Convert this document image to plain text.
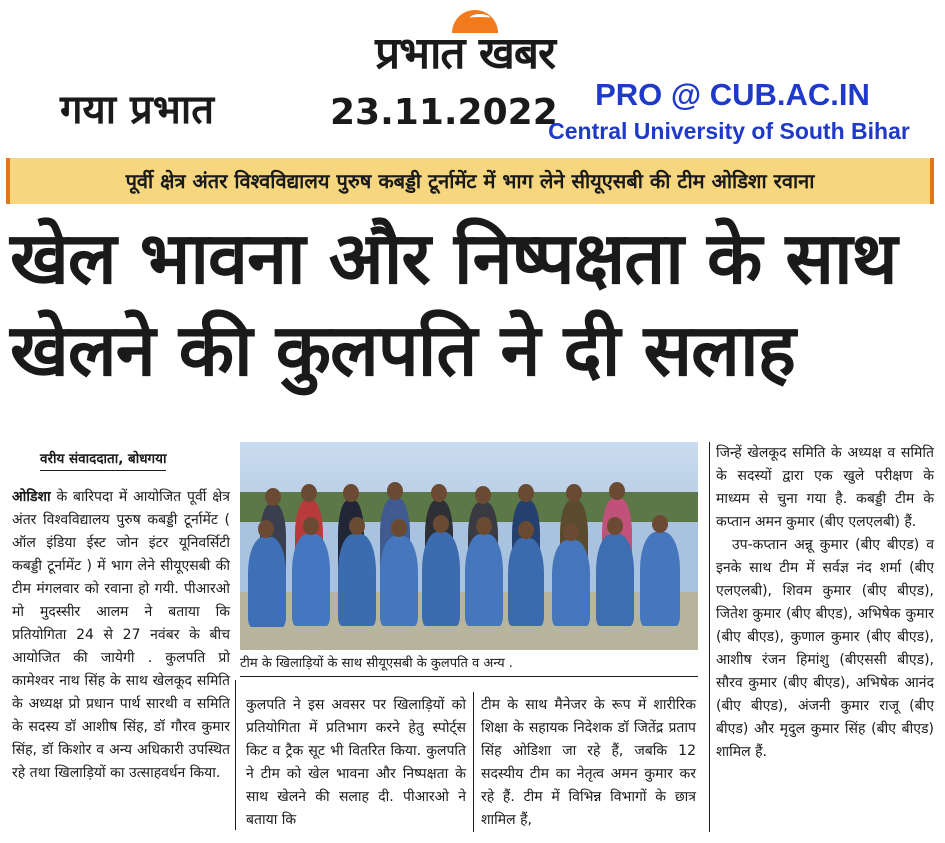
प्रभात खबर
गया प्रभात	23.11.2022	PRO @ CUB.AC.IN
Central University of South Bihar
पूर्वी क्षेत्र अंतर विश्वविद्यालय पुरुष कबड्डी टूर्नामेंट में भाग लेने सीयूएसबी की टीम ओडिशा रवाना
खेल भावना और निष्पक्षता के साथ
खेलने की कुलपति ने दी सलाह
वरीय संवाददाता, बोधगया

ओडिशा के बारिपदा में आयोजित पूर्वी क्षेत्र अंतर विश्वविद्यालय पुरुष कबड्डी टूर्नामेंट ( ऑल इंडिया ईस्ट जोन इंटर यूनिवर्सिटी कबड्डी टूर्नामेंट ) में भाग लेने सीयूएसबी की टीम मंगलवार को रवाना हो गयी. पीआरओ मो मुदस्सीर आलम ने बताया कि प्रतियोगिता 24 से 27 नवंबर के बीच आयोजित की जायेगी . कुलपति प्रो कामेश्वर नाथ सिंह के साथ खेलकूद समिति के अध्यक्ष प्रो प्रधान पार्थ सारथी व समिति के सदस्य डॉ आशीष सिंह, डॉ गौरव कुमार सिंह, डॉ किशोर व अन्य अधिकारी उपस्थित रहे तथा खिलाड़ियों का उत्साहवर्धन किया.

टीम के खिलाड़ियों के साथ सीयूएसबी के कुलपति व अन्य .

कुलपति ने इस अवसर पर खिलाड़ियों को प्रतियोगिता में प्रतिभाग करने हेतु स्पोर्ट्स किट व ट्रैक सूट भी वितरित किया. कुलपति ने टीम को खेल भावना और निष्पक्षता के साथ खेलने की सलाह दी. पीआरओ ने बताया कि

टीम के साथ मैनेजर के रूप में शारीरिक शिक्षा के सहायक निदेशक डॉ जितेंद्र प्रताप सिंह ओडिशा जा रहे हैं, जबकि 12 सदस्यीय टीम का नेतृत्व अमन कुमार कर रहे हैं. टीम में विभिन्न विभागों के छात्र शामिल हैं,

जिन्हें खेलकूद समिति के अध्यक्ष व समिति के सदस्यों द्वारा एक खुले परीक्षण के माध्यम से चुना गया है. कबड्डी टीम के कप्तान अमन कुमार (बीए एलएलबी) हैं.

उप-कप्तान अन्नू कुमार (बीए बीएड) व इनके साथ टीम में सर्वज्ञ नंद शर्मा (बीए एलएलबी), शिवम कुमार (बीए बीएड), जितेश कुमार (बीए बीएड), अभिषेक कुमार (बीए बीएड), कुणाल कुमार (बीए बीएड), आशीष रंजन हिमांशु (बीएससी बीएड), सौरव कुमार (बीए बीएड), अभिषेक आनंद (बीए बीएड), अंजनी कुमार राजू (बीए बीएड) और मृदुल कुमार सिंह (बीए बीएड) शामिल हैं.
